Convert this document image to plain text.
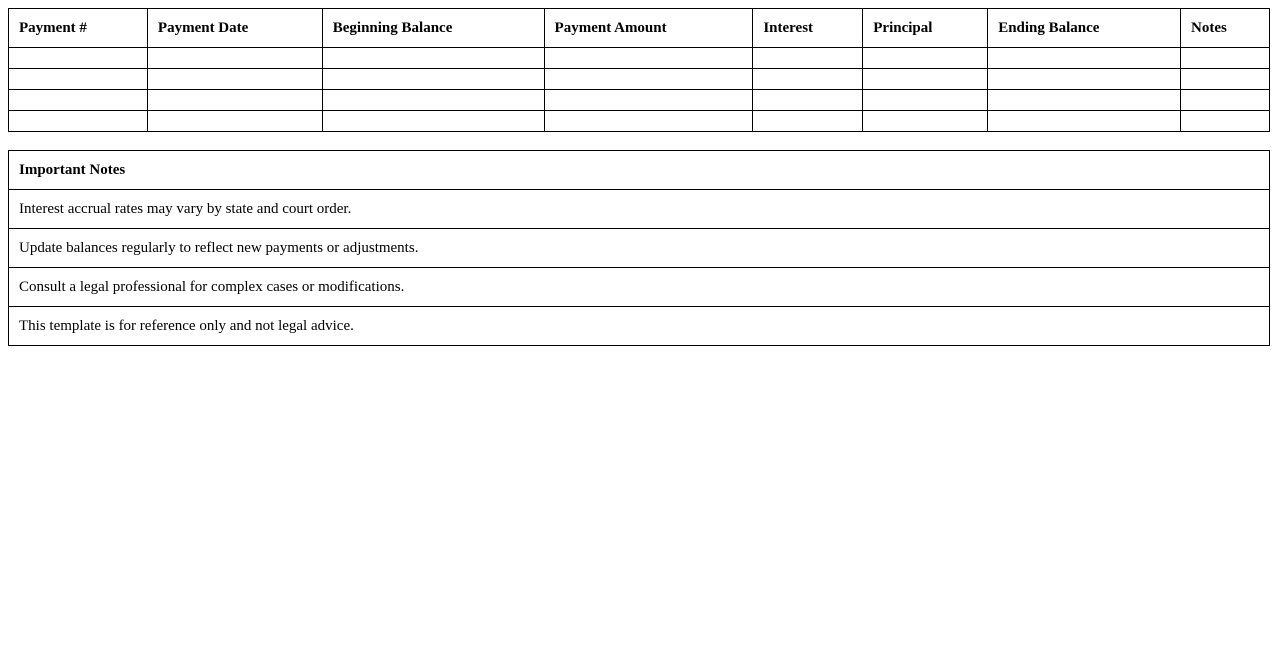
Payment #	Payment Date	Beginning Balance	Payment Amount	Interest	Principal	Ending Balance	Notes

Important Notes
Interest accrual rates may vary by state and court order.
Update balances regularly to reflect new payments or adjustments.
Consult a legal professional for complex cases or modifications.
This template is for reference only and not legal advice.
